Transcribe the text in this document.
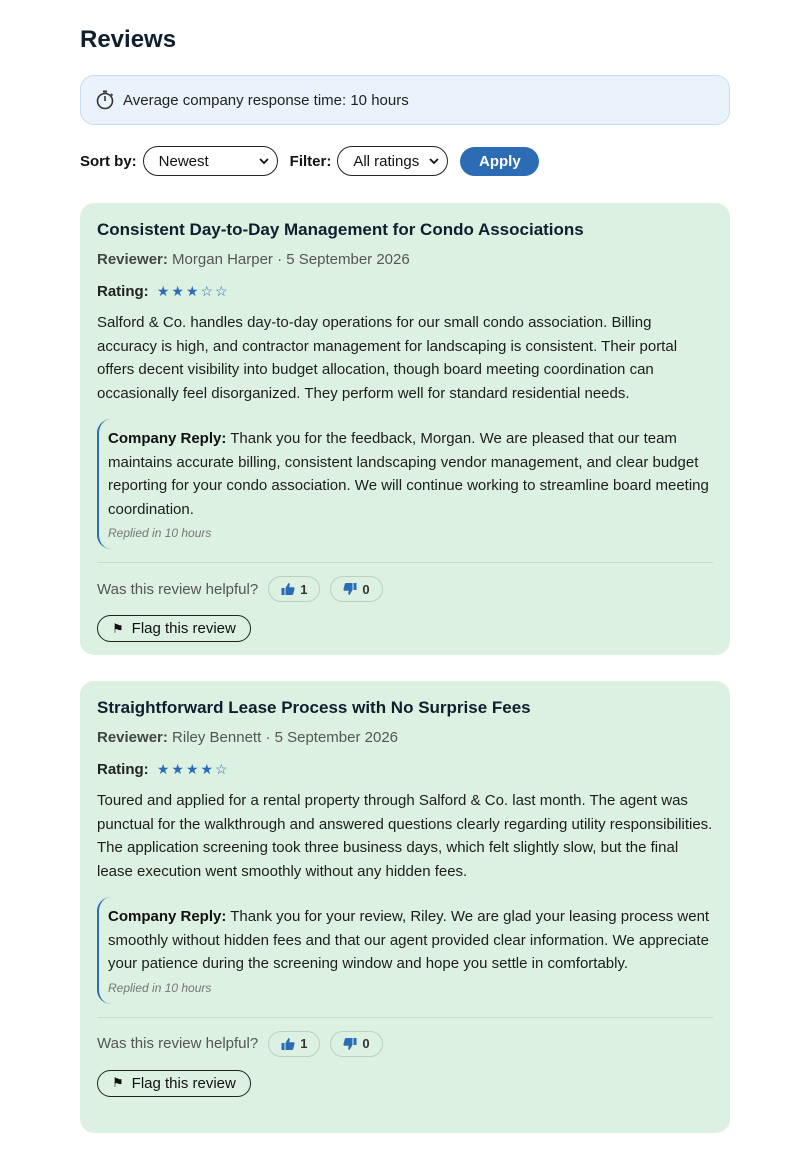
Reviews
Average company response time: 10 hours
Sort by: Newest	Filter: All ratings	Apply
Consistent Day-to-Day Management for Condo Associations
Reviewer: Morgan Harper · 5 September 2026
Rating: ★★★☆☆
Salford & Co. handles day-to-day operations for our small condo association. Billing accuracy is high, and contractor management for landscaping is consistent. Their portal offers decent visibility into budget allocation, though board meeting coordination can occasionally feel disorganized. They perform well for standard residential needs.
Company Reply: Thank you for the feedback, Morgan. We are pleased that our team maintains accurate billing, consistent landscaping vendor management, and clear budget reporting for your condo association. We will continue working to streamline board meeting coordination.
Replied in 10 hours
Was this review helpful?	1	0
⚑ Flag this review
Straightforward Lease Process with No Surprise Fees
Reviewer: Riley Bennett · 5 September 2026
Rating: ★★★★☆
Toured and applied for a rental property through Salford & Co. last month. The agent was punctual for the walkthrough and answered questions clearly regarding utility responsibilities. The application screening took three business days, which felt slightly slow, but the final lease execution went smoothly without any hidden fees.
Company Reply: Thank you for your review, Riley. We are glad your leasing process went smoothly without hidden fees and that our agent provided clear information. We appreciate your patience during the screening window and hope you settle in comfortably.
Replied in 10 hours
Was this review helpful?	1	0
⚑ Flag this review
